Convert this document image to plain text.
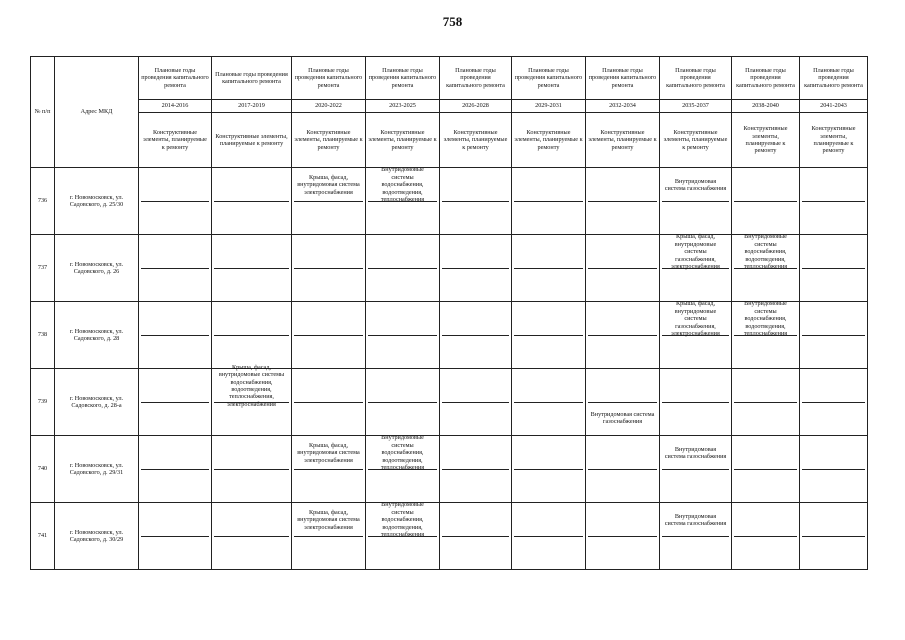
758
№ п/п	Адрес МКД	Плановые годы проведения капитального ремонта	Плановые годы проведения капитального ремонта	Плановые годы проведения капитального ремонта	Плановые годы проведения капитального ремонта	Плановые годы проведения капитального ремонта	Плановые годы проведения капитального ремонта	Плановые годы проведения капитального ремонта	Плановые годы проведения капитального ремонта	Плановые годы проведения капитального ремонта	Плановые годы проведения капитального ремонта
		2014-2016	2017-2019	2020-2022	2023-2025	2026-2028	2029-2031	2032-2034	2035-2037	2038-2040	2041-2043
		Конструктивные элементы, планируемые к ремонту	Конструктивные элементы, планируемые к ремонту	Конструктивные элементы, планируемые к ремонту	Конструктивные элементы, планируемые к ремонту	Конструктивные элементы, планируемые к ремонту	Конструктивные элементы, планируемые к ремонту	Конструктивные элементы, планируемые к ремонту	Конструктивные элементы, планируемые к ремонту	Конструктивные элементы, планируемые к ремонту	Конструктивные элементы, планируемые к ремонту
736	г. Новомосковск, ул. Садовского, д. 25/30			Крыша, фасад, внутридомовая система электроснабжения	Внутридомовые системы водоснабжения, водоотведения, теплоснабжения				Внутридомовая система газоснабжения		

737	г. Новомосковск, ул. Садовского, д. 26								Крыша, фасад, внутридомовые системы газоснабжения, электроснабжения	Внутридомовые системы водоснабжения, водоотведения, теплоснабжения	

738	г. Новомосковск, ул. Садовского, д. 28								Крыша, фасад, внутридомовые системы газоснабжения, электроснабжения	Внутридомовые системы водоснабжения, водоотведения, теплоснабжения	

739	г. Новомосковск, ул. Садовского, д. 28-а		Крыша, фасад, внутридомовые системы водоснабжения, водоотведения, теплоснабжения, электроснабжения					Внутридомовая система газоснабжения			

740	г. Новомосковск, ул. Садовского, д. 29/31			Крыша, фасад, внутридомовая система электроснабжения	Внутридомовые системы водоснабжения, водоотведения, теплоснабжения				Внутридомовая система газоснабжения		

741	г. Новомосковск, ул. Садовского, д. 30/29			Крыша, фасад, внутридомовая система электроснабжения	Внутридомовые системы водоснабжения, водоотведения, теплоснабжения				Внутридомовая система газоснабжения		
